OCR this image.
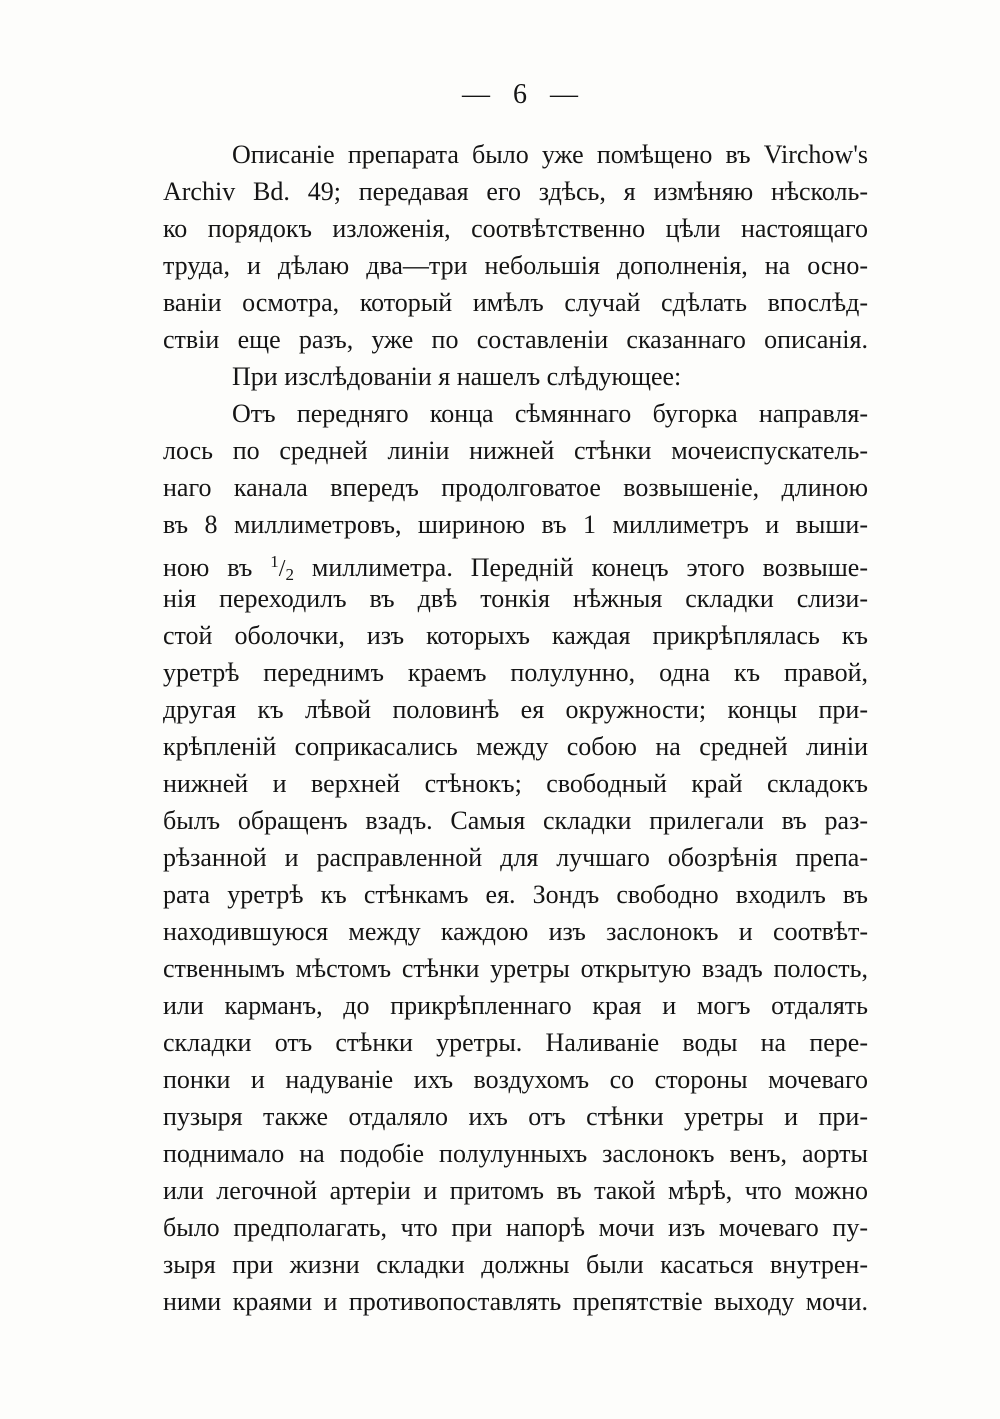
— 6 —
Описаніе препарата было уже помѣщено въ Virchow's
Archiv Bd. 49; передавая его здѣсь, я измѣняю нѣсколь-
ко порядокъ изложенія, соотвѣтственно цѣли настоящаго
труда, и дѣлаю два—три небольшія дополненія, на осно-
ваніи осмотра, который имѣлъ случай сдѣлать впослѣд-
ствіи еще разъ, уже по составленіи сказаннаго описанія.
При изслѣдованіи я нашелъ слѣдующее:
Отъ передняго конца сѣмяннаго бугорка направля-
лось по средней линіи нижней стѣнки мочеиспускатель-
наго канала впередъ продолговатое возвышеніе, длиною
въ 8 миллиметровъ, шириною въ 1 миллиметръ и выши-
ною въ $^1$/2 миллиметра. Передній конецъ этого возвыше-
нія переходилъ въ двѣ тонкія нѣжныя складки слизи-
стой оболочки, изъ которыхъ каждая прикрѣплялась къ
уретрѣ переднимъ краемъ полулунно, одна къ правой,
другая къ лѣвой половинѣ ея окружности; концы при-
крѣпленій соприкасались между собою на средней линіи
нижней и верхней стѣнокъ; свободный край складокъ
былъ обращенъ взадъ. Самыя складки прилегали въ раз-
рѣзанной и расправленной для лучшаго обозрѣнія препа-
рата уретрѣ къ стѣнкамъ ея. Зондъ свободно входилъ въ
находившуюся между каждою изъ заслонокъ и соотвѣт-
ственнымъ мѣстомъ стѣнки уретры открытую взадъ полость,
или карманъ, до прикрѣпленнаго края и могъ отдалять
складки отъ стѣнки уретры. Наливаніе воды на пере-
понки и надуваніе ихъ воздухомъ со стороны мочеваго
пузыря также отдаляло ихъ отъ стѣнки уретры и при-
поднимало на подобіе полулунныхъ заслонокъ венъ, аорты
или легочной артеріи и притомъ въ такой мѣрѣ, что можно
было предполагать, что при напорѣ мочи изъ мочеваго пу-
зыря при жизни складки должны были касаться внутрен-
ними краями и противопоставлять препятствіе выходу мочи.
